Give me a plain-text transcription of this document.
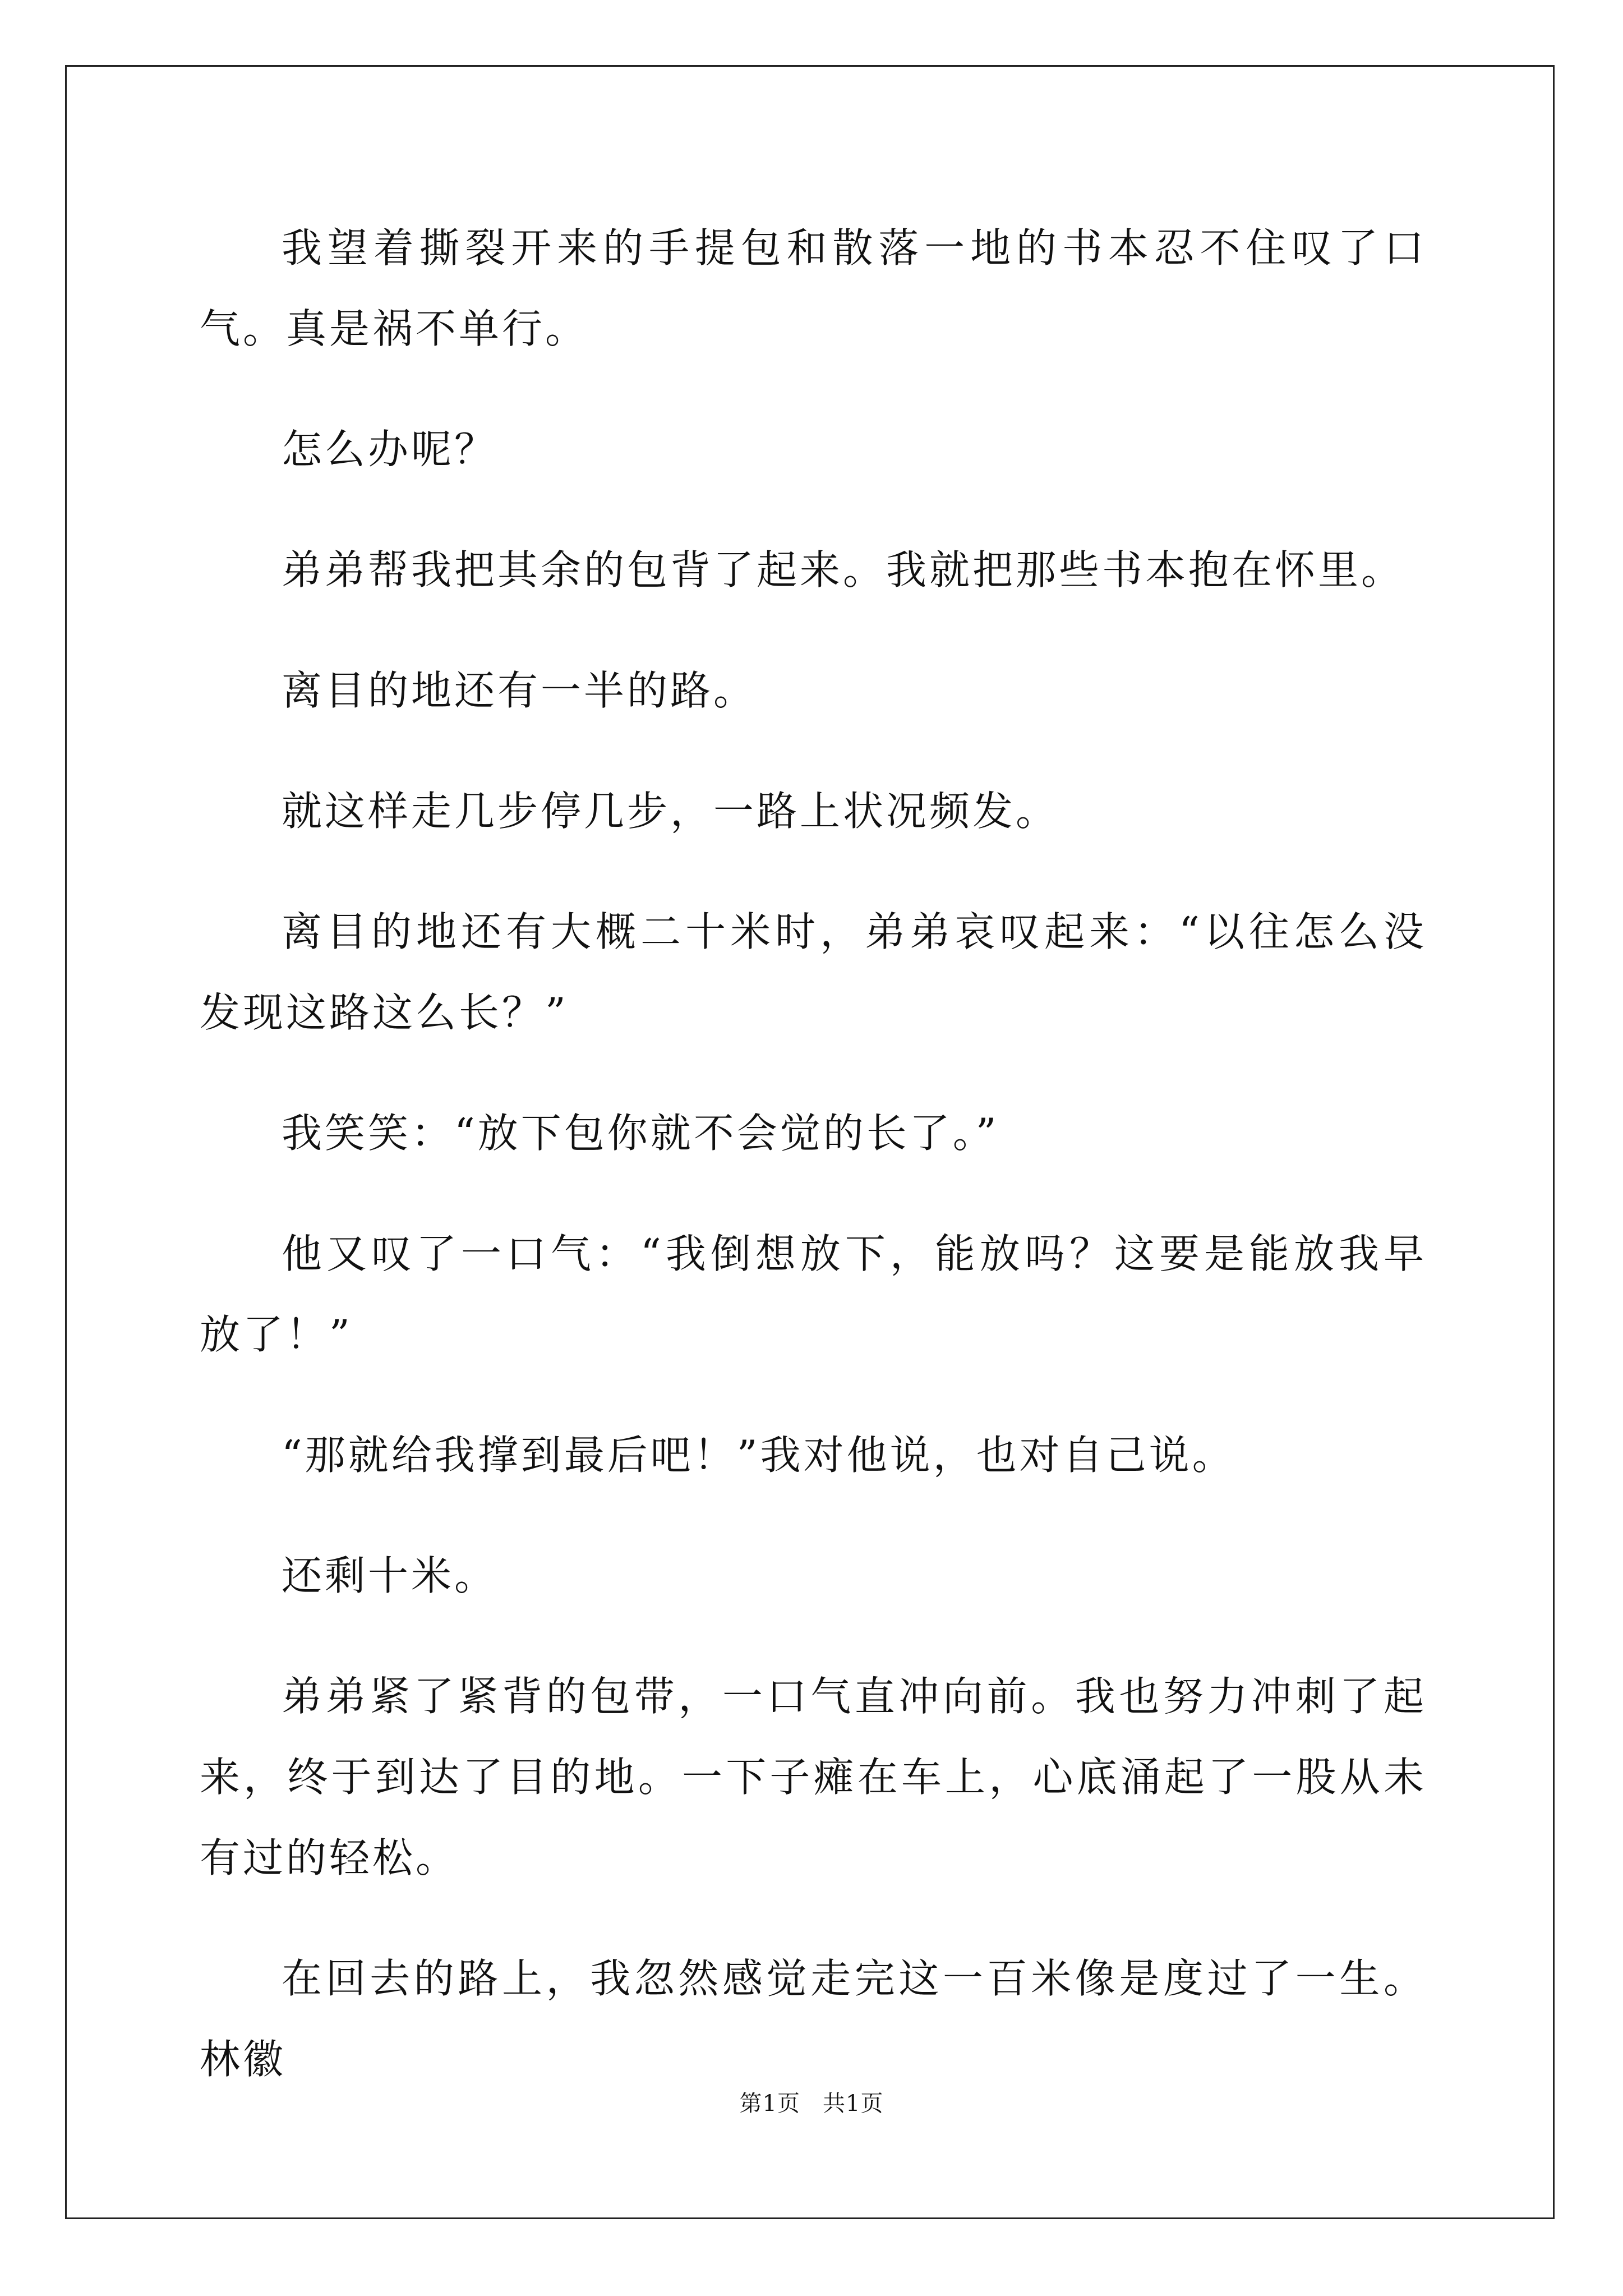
我望着撕裂开来的手提包和散落一地的书本忍不住叹了口气。真是祸不单行。

怎么办呢？

弟弟帮我把其余的包背了起来。我就把那些书本抱在怀里。

离目的地还有一半的路。

就这样走几步停几步，一路上状况频发。

离目的地还有大概二十米时，弟弟哀叹起来：“以往怎么没发现这路这么长？”

我笑笑：“放下包你就不会觉的长了。”

他又叹了一口气：“我倒想放下，能放吗？这要是能放我早放了！”

“那就给我撑到最后吧！”我对他说，也对自己说。

还剩十米。

弟弟紧了紧背的包带，一口气直冲向前。我也努力冲刺了起来，终于到达了目的地。一下子瘫在车上，心底涌起了一股从未有过的轻松。

在回去的路上，我忽然感觉走完这一百米像是度过了一生。林徽

第1页 共1页
